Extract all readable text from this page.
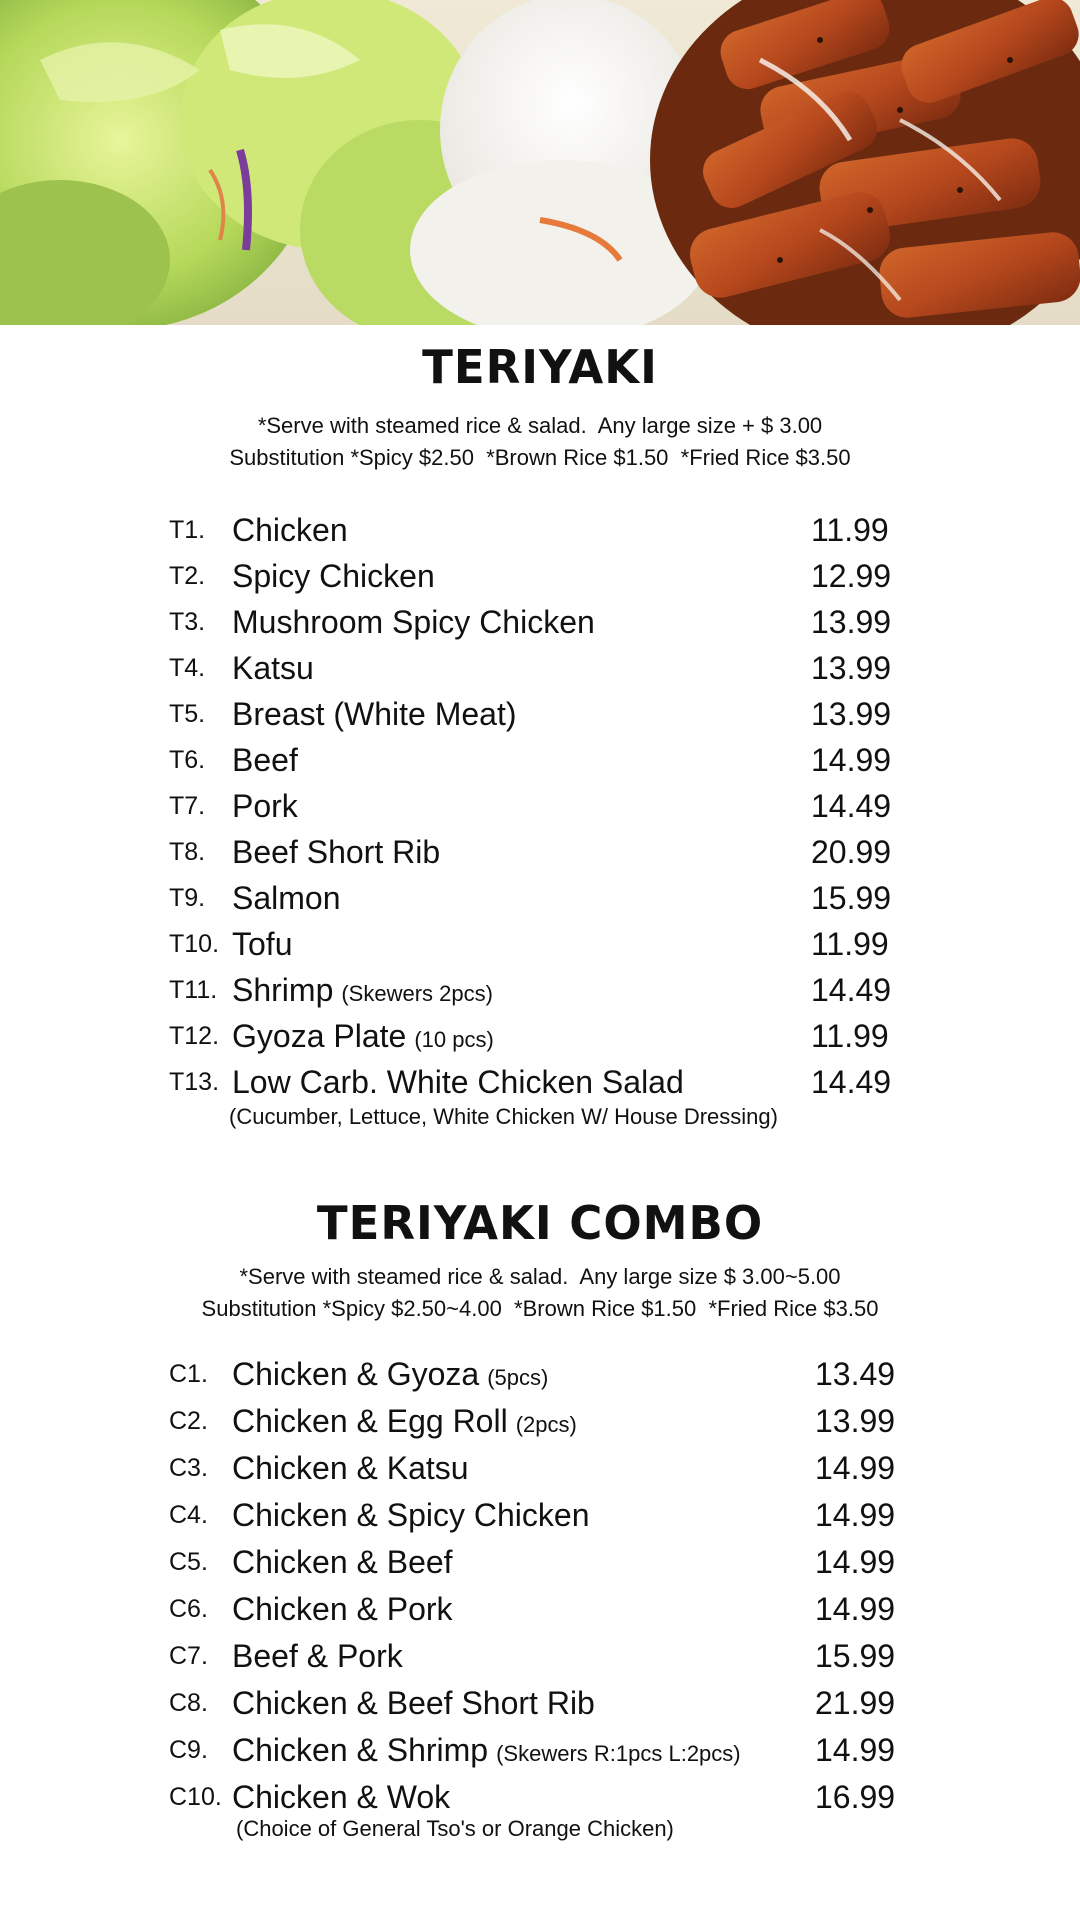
TERIYAKI
*Serve with steamed rice & salad.  Any large size + $ 3.00
Substitution *Spicy $2.50  *Brown Rice $1.50  *Fried Rice $3.50
T1. Chicken	11.99
T2. Spicy Chicken	12.99
T3. Mushroom Spicy Chicken	13.99
T4. Katsu	13.99
T5. Breast (White Meat)	13.99
T6. Beef	14.99
T7. Pork	14.49
T8. Beef Short Rib	20.99
T9. Salmon	15.99
T10. Tofu	11.99
T11. Shrimp (Skewers 2pcs)	14.49
T12. Gyoza Plate (10 pcs)	11.99
T13. Low Carb. White Chicken Salad	14.49
(Cucumber, Lettuce, White Chicken W/ House Dressing)
TERIYAKI COMBO
*Serve with steamed rice & salad.  Any large size $ 3.00~5.00
Substitution *Spicy $2.50~4.00  *Brown Rice $1.50  *Fried Rice $3.50
C1. Chicken & Gyoza (5pcs)	13.49
C2. Chicken & Egg Roll (2pcs)	13.99
C3. Chicken & Katsu	14.99
C4. Chicken & Spicy Chicken	14.99
C5. Chicken & Beef	14.99
C6. Chicken & Pork	14.99
C7. Beef & Pork	15.99
C8. Chicken & Beef Short Rib	21.99
C9. Chicken & Shrimp (Skewers R:1pcs L:2pcs) 14.99
C10. Chicken & Wok	16.99
(Choice of General Tso's or Orange Chicken)
